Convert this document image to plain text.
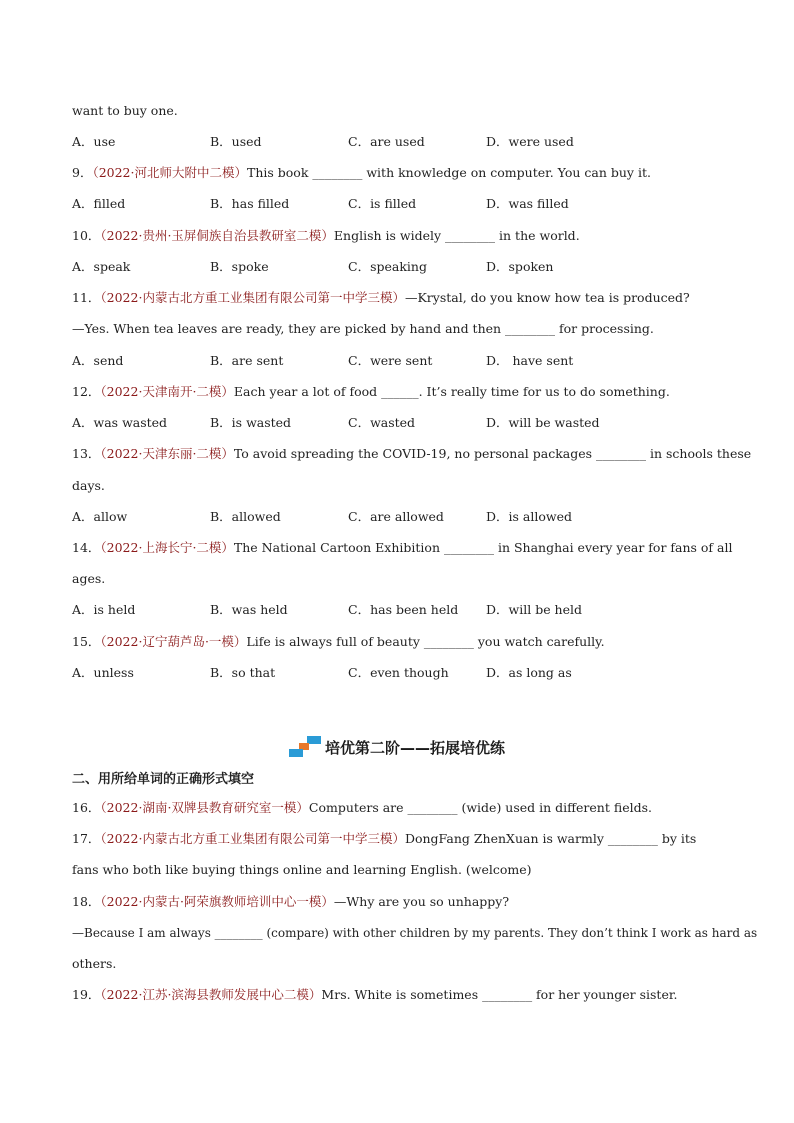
want to buy one.
A．use	B．used	C．are used	D．were used
9．（2022·河北师大附中二模）This book ________ with knowledge on computer. You can buy it.
A．filled	B．has filled	C．is filled	D．was filled
10．（2022·贵州·玉屏侗族自治县教研室二模）English is widely ________ in the world.
A．speak	B．spoke	C．speaking	D．spoken
11．（2022·内蒙古北方重工业集团有限公司第一中学三模）—Krystal, do you know how tea is produced?
—Yes. When tea leaves are ready, they are picked by hand and then ________ for processing.
A．send	B．are sent	C．were sent	D． have sent
12．（2022·天津南开·二模）Each year a lot of food ______. It’s really time for us to do something.
A．was wasted	B．is wasted	C．wasted	D．will be wasted
13．（2022·天津东丽·二模）To avoid spreading the COVID-19, no personal packages ________ in schools these
days.
A．allow	B．allowed	C．are allowed	D．is allowed
14．（2022·上海长宁·二模）The National Cartoon Exhibition ________ in Shanghai every year for fans of all
ages.
A．is held	B．was held	C．has been held D．will be held
15．（2022·辽宁葫芦岛·一模）Life is always full of beauty ________ you watch carefully.
A．unless	B．so that	C．even though	D．as long as
培优第二阶——拓展培优练
二、用所给单词的正确形式填空
16．（2022·湖南·双牌县教育研究室一模）Computers are ________ (wide) used in different fields.
17．（2022·内蒙古北方重工业集团有限公司第一中学三模）DongFang ZhenXuan is warmly ________ by its
fans who both like buying things online and learning English. (welcome)
18．（2022·内蒙古·阿荣旗教师培训中心一模）—Why are you so unhappy?
—Because I am always ________ (compare) with other children by my parents. They don’t think I work as hard as
others.
19．（2022·江苏·滨海县教师发展中心二模）Mrs. White is sometimes ________ for her younger sister.
